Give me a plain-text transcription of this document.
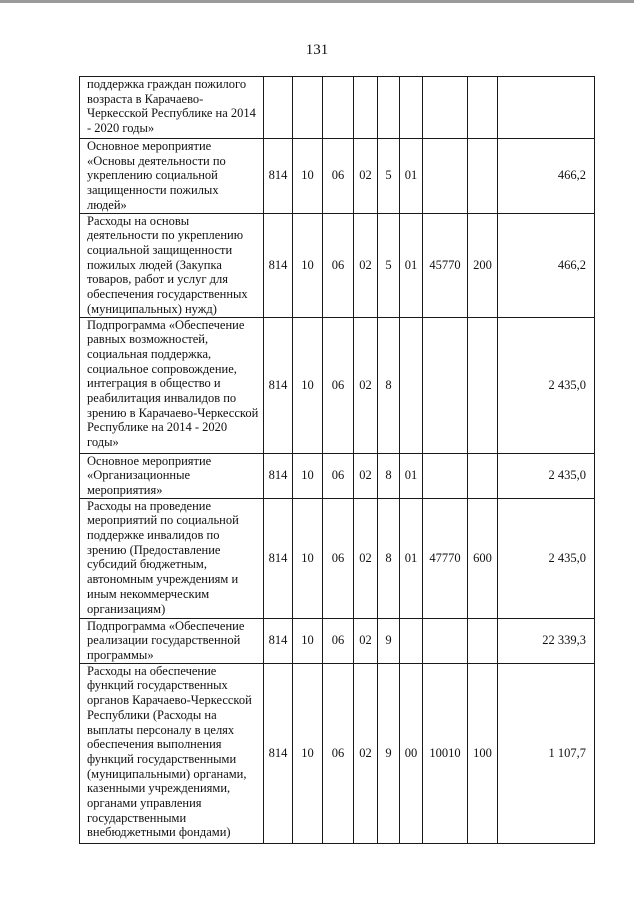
131
поддержка граждан пожилого возраста в Карачаево-Черкесской Республике на 2014 - 2020 годы»									
Основное мероприятие «Основы деятельности по укреплению социальной защищенности пожилых людей»	814	10	06	02	5	01			466,2
Расходы на основы деятельности по укреплению социальной защищенности пожилых людей (Закупка товаров, работ и услуг для обеспечения государственных (муниципальных) нужд)	814	10	06	02	5	01	45770	200	466,2
Подпрограмма «Обеспечение равных возможностей, социальная поддержка, социальное сопровождение, интеграция в общество и реабилитация инвалидов по зрению в Карачаево-Черкесской Республике на 2014 - 2020 годы»	814	10	06	02	8				2 435,0
Основное мероприятие «Организационные мероприятия»	814	10	06	02	8	01			2 435,0
Расходы на проведение мероприятий по социальной поддержке инвалидов по зрению (Предоставление субсидий бюджетным, автономным учреждениям и иным некоммерческим организациям)	814	10	06	02	8	01	47770	600	2 435,0
Подпрограмма «Обеспечение реализации государственной программы»	814	10	06	02	9				22 339,3
Расходы на обеспечение функций государственных органов Карачаево-Черкесской Республики (Расходы на выплаты персоналу в целях обеспечения выполнения функций государственными (муниципальными) органами, казенными учреждениями, органами управления государственными внебюджетными фондами)	814	10	06	02	9	00	10010	100	1 107,7
